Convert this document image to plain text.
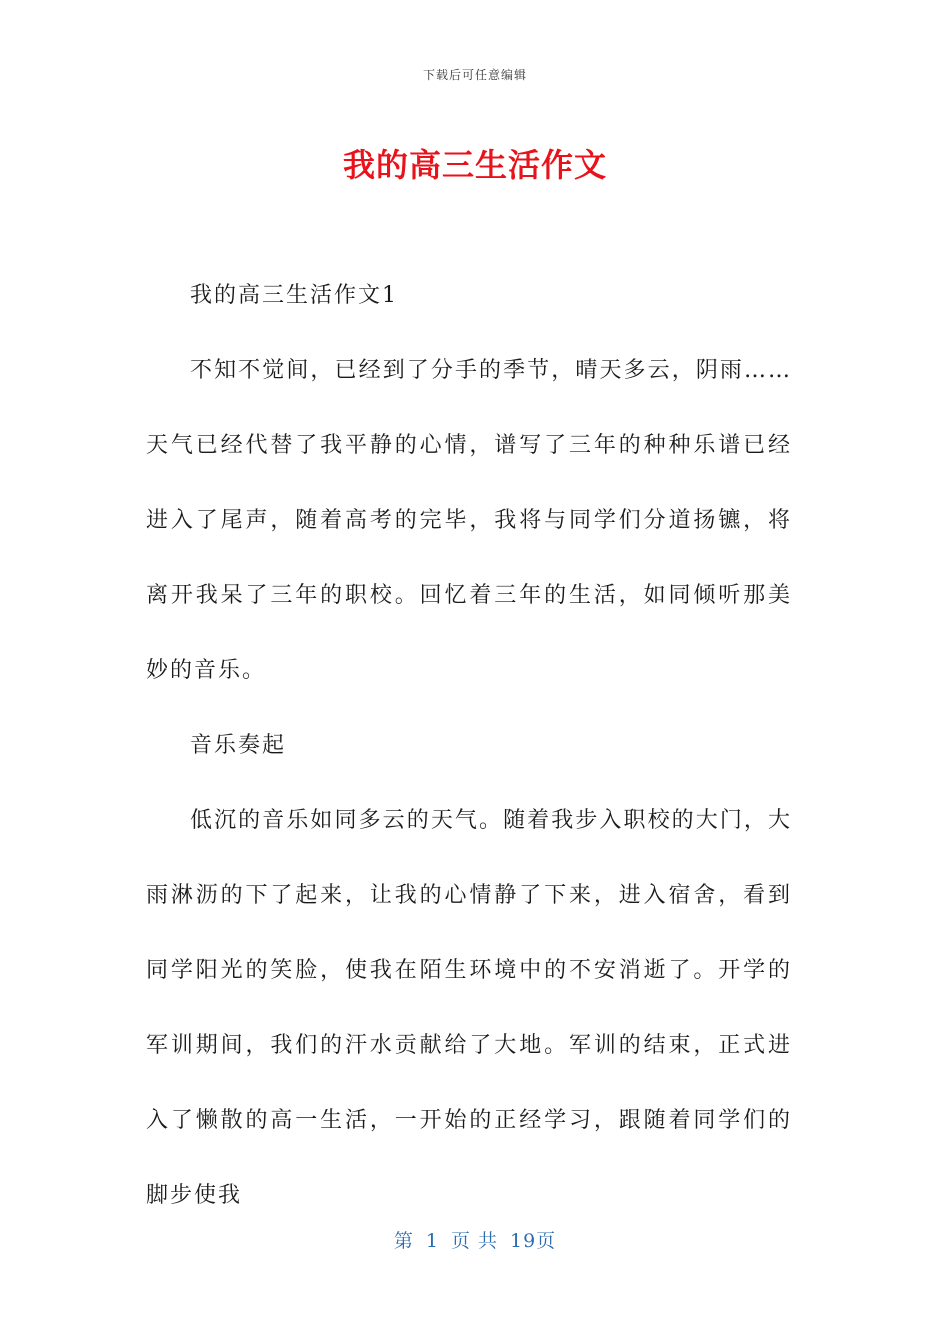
下载后可任意编辑
我的高三生活作文

我的高三生活作文1

不知不觉间，已经到了分手的季节，晴天多云，阴雨……天气已经代替了我平静的心情，谱写了三年的种种乐谱已经进入了尾声，随着高考的完毕，我将与同学们分道扬镳，将离开我呆了三年的职校。回忆着三年的生活，如同倾听那美妙的音乐。

音乐奏起

低沉的音乐如同多云的天气。随着我步入职校的大门，大雨淋沥的下了起来，让我的心情静了下来，进入宿舍，看到同学阳光的笑脸，使我在陌生环境中的不安消逝了。开学的军训期间，我们的汗水贡献给了大地。军训的结束，正式进入了懒散的高一生活，一开始的正经学习，跟随着同学们的脚步使我

第 1 页 共 19页
